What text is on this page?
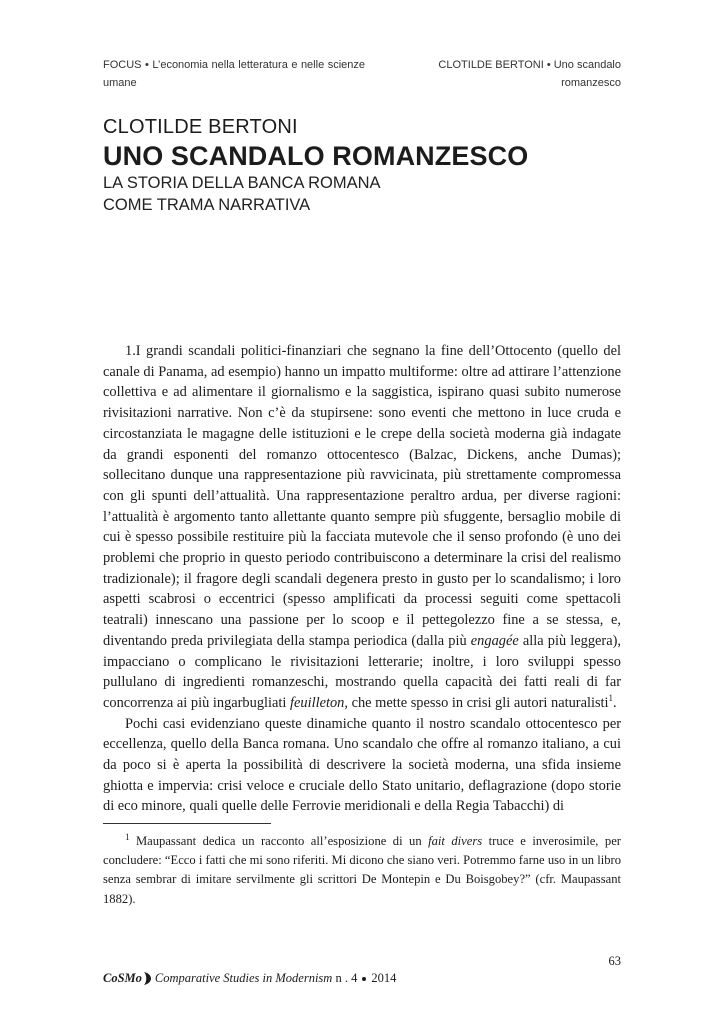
FOCUS • L’economia nella letteratura e nelle scienze umane
CLOTILDE BERTONI • Uno scandalo romanzesco
CLOTILDE BERTONI
UNO SCANDALO ROMANZESCO
LA STORIA DELLA BANCA ROMANA
COME TRAMA NARRATIVA

1.I grandi scandali politici-finanziari che segnano la fine dell’Ottocento (quello del canale di Panama, ad esempio) hanno un impatto multiforme: oltre ad attirare l’attenzione collettiva e ad alimentare il giornalismo e la saggistica, ispirano quasi subito numerose rivisitazioni narrative. Non c’è da stupirsene: sono eventi che mettono in luce cruda e circostanziata le magagne delle istituzioni e le crepe della società moderna già indagate da grandi esponenti del romanzo ottocentesco (Balzac, Dickens, anche Dumas); sollecitano dunque una rappresentazione più ravvicinata, più strettamente compromessa con gli spunti dell’attualità. Una rappresentazione peraltro ardua, per diverse ragioni: l’attualità è argomento tanto allettante quanto sempre più sfuggente, bersaglio mobile di cui è spesso possibile restituire più la facciata mutevole che il senso profondo (è uno dei problemi che proprio in questo periodo contribuiscono a determinare la crisi del realismo tradizionale); il fragore degli scandali degenera presto in gusto per lo scandalismo; i loro aspetti scabrosi o eccentrici (spesso amplificati da processi seguiti come spettacoli teatrali) innescano una passione per lo scoop e il pettegolezzo fine a se stessa, e, diventando preda privilegiata della stampa periodica (dalla più engagée alla più leggera), impacciano o complicano le rivisitazioni letterarie; inoltre, i loro sviluppi spesso pullulano di ingredienti romanzeschi, mostrando quella capacità dei fatti reali di far concorrenza ai più ingarbugliati feuilleton, che mette spesso in crisi gli autori naturalisti$^1$.

Pochi casi evidenziano queste dinamiche quanto il nostro scandalo ottocentesco per eccellenza, quello della Banca romana. Uno scandalo che offre al romanzo italiano, a cui da poco si è aperta la possibilità di descrivere la società moderna, una sfida insieme ghiotta e impervia: crisi veloce e cruciale dello Stato unitario, deflagrazione (dopo storie di eco minore, quali quelle delle Ferrovie meridionali e della Regia Tabacchi) di

$^1$ Maupassant dedica un racconto all’esposizione di un fait divers truce e inverosimile, per concludere: “Ecco i fatti che mi sono riferiti. Mi dicono che siano veri. Potremmo farne uso in un libro senza sembrar di imitare servilmente gli scrittori De Montepin e Du Boisgobey?” (cfr. Maupassant 1882).
63
CoSMo Comparative Studies in Modernism
n . 4 2014
